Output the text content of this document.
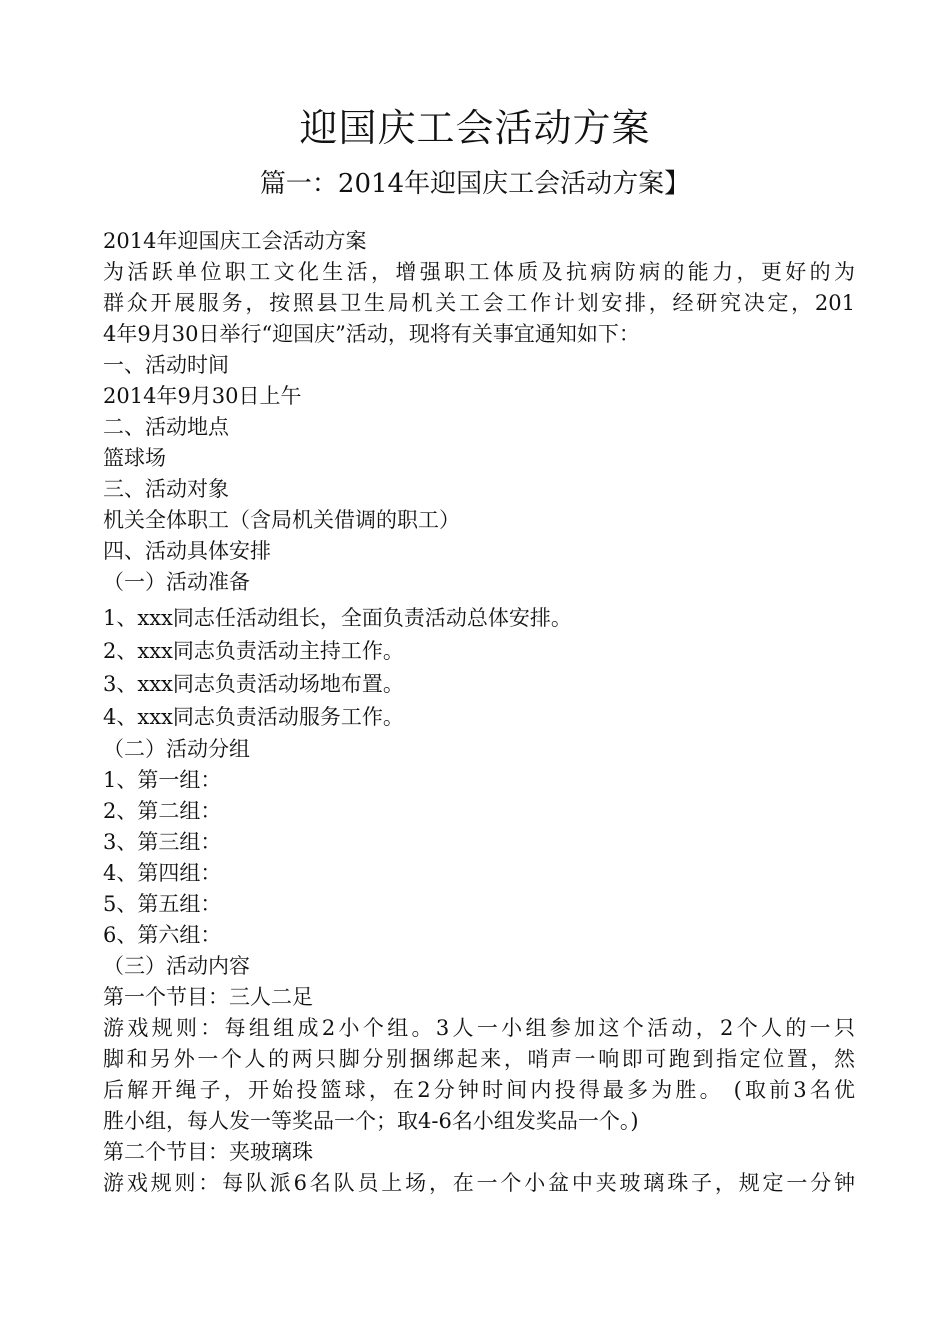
迎国庆工会活动方案
篇一：2014年迎国庆工会活动方案】
2014年迎国庆工会活动方案
为活跃单位职工文化生活，增强职工体质及抗病防病的能力，更好的为
群众开展服务，按照县卫生局机关工会工作计划安排，经研究决定，201
4年9月30日举行“迎国庆”活动，现将有关事宜通知如下：
一、活动时间
2014年9月30日上午
二、活动地点
篮球场
三、活动对象
机关全体职工（含局机关借调的职工）
四、活动具体安排
（一）活动准备
1、xxx同志任活动组长，全面负责活动总体安排。
2、xxx同志负责活动主持工作。
3、xxx同志负责活动场地布置。
4、xxx同志负责活动服务工作。
（二）活动分组
1、第一组：
2、第二组：
3、第三组：
4、第四组：
5、第五组：
6、第六组：
（三）活动内容
第一个节目：三人二足
游戏规则：每组组成2小个组。3人一小组参加这个活动，2个人的一只
脚和另外一个人的两只脚分别捆绑起来，哨声一响即可跑到指定位置，然
后解开绳子，开始投篮球，在2分钟时间内投得最多为胜。 (取前3名优
胜小组，每人发一等奖品一个；取4-6名小组发奖品一个。)
第二个节目：夹玻璃珠
游戏规则：每队派6名队员上场，在一个小盆中夹玻璃珠子，规定一分钟
